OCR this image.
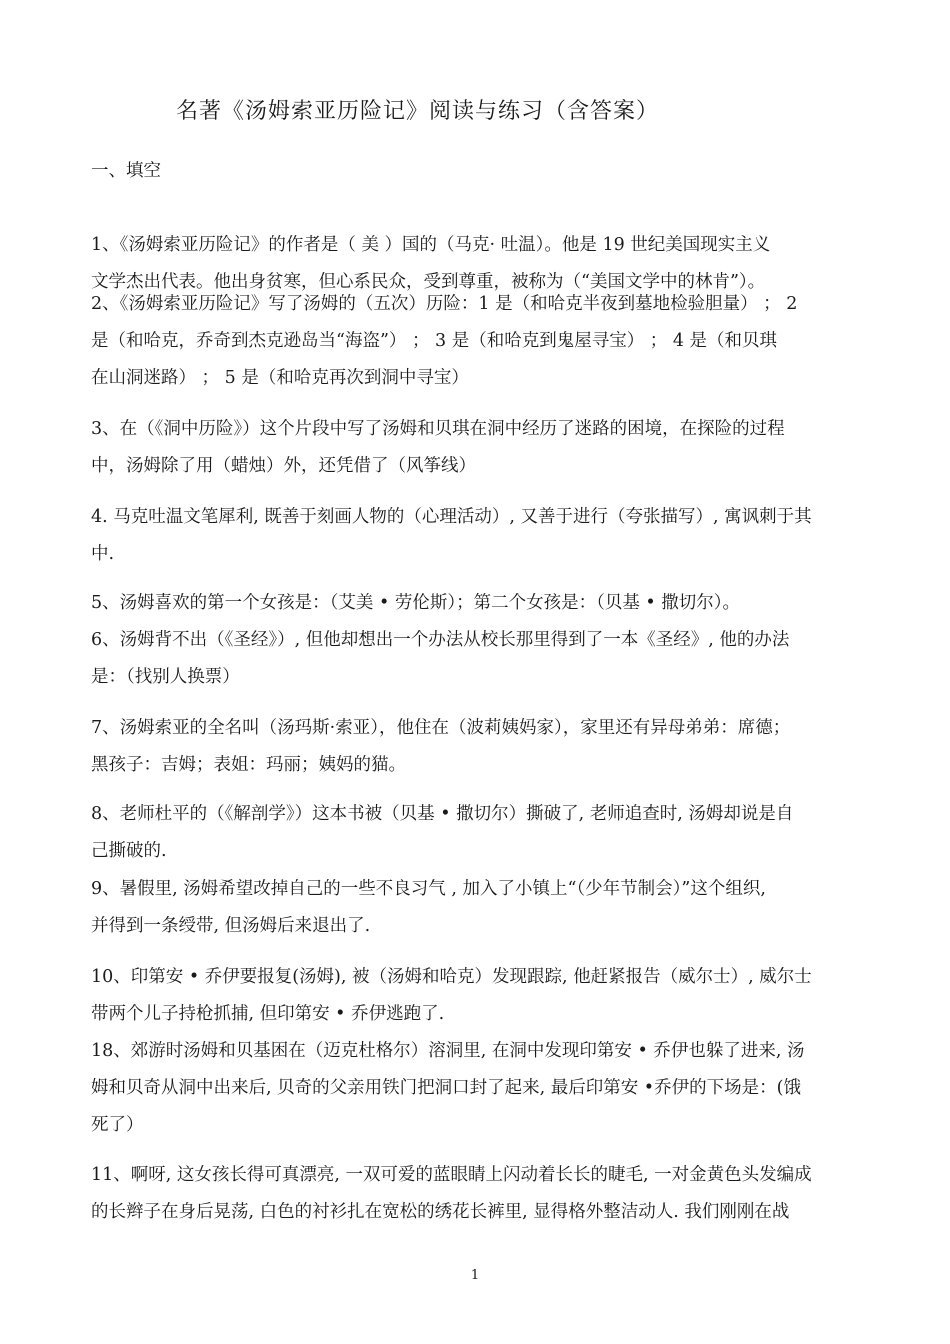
名著《汤姆索亚历险记》阅读与练习（含答案）
一、填空
1、《汤姆索亚历险记》的作者是（ 美 ）国的（马克· 吐温）。他是 19 世纪美国现实主义
文学杰出代表。他出身贫寒，但心系民众，受到尊重，被称为（“美国文学中的林肯”）。
2、《汤姆索亚历险记》写了汤姆的（五次）历险：1 是（和哈克半夜到墓地检验胆量） ； 2
是（和哈克，乔奇到杰克逊岛当“海盗”） ； 3 是（和哈克到鬼屋寻宝） ； 4 是（和贝琪
在山洞迷路） ； 5 是（和哈克再次到洞中寻宝）
3、在（《洞中历险》）这个片段中写了汤姆和贝琪在洞中经历了迷路的困境，在探险的过程
中，汤姆除了用（蜡烛）外，还凭借了（风筝线）
4. 马克吐温文笔犀利, 既善于刻画人物的（心理活动）, 又善于进行（夸张描写）, 寓讽刺于其
中.
5、汤姆喜欢的第一个女孩是：（艾美 • 劳伦斯）；第二个女孩是：（贝基 • 撒切尔）。
6、汤姆背不出（《圣经》）, 但他却想出一个办法从校长那里得到了一本《圣经》, 他的办法
是：（找别人换票）
7、汤姆索亚的全名叫（汤玛斯·索亚），他住在（波莉姨妈家），家里还有异母弟弟：席德；
黑孩子：吉姆；表姐：玛丽；姨妈的猫。
8、老师杜平的（《解剖学》）这本书被（贝基 • 撒切尔）撕破了, 老师追查时, 汤姆却说是自
己撕破的.
9、暑假里, 汤姆希望改掉自己的一些不良习气 , 加入了小镇上“（少年节制会）”这个组织,
并得到一条绶带, 但汤姆后来退出了.
10、印第安 • 乔伊要报复(汤姆), 被（汤姆和哈克）发现跟踪, 他赶紧报告（威尔士）, 威尔士
带两个儿子持枪抓捕, 但印第安 • 乔伊逃跑了.
18、郊游时汤姆和贝基困在（迈克杜格尔）溶洞里, 在洞中发现印第安 • 乔伊也躲了进来, 汤
姆和贝奇从洞中出来后, 贝奇的父亲用铁门把洞口封了起来, 最后印第安 •乔伊的下场是：(饿
死了）
11、啊呀, 这女孩长得可真漂亮, 一双可爱的蓝眼睛上闪动着长长的睫毛, 一对金黄色头发编成
的长辫子在身后晃荡, 白色的衬衫扎在宽松的绣花长裤里, 显得格外整洁动人. 我们刚刚在战
1
